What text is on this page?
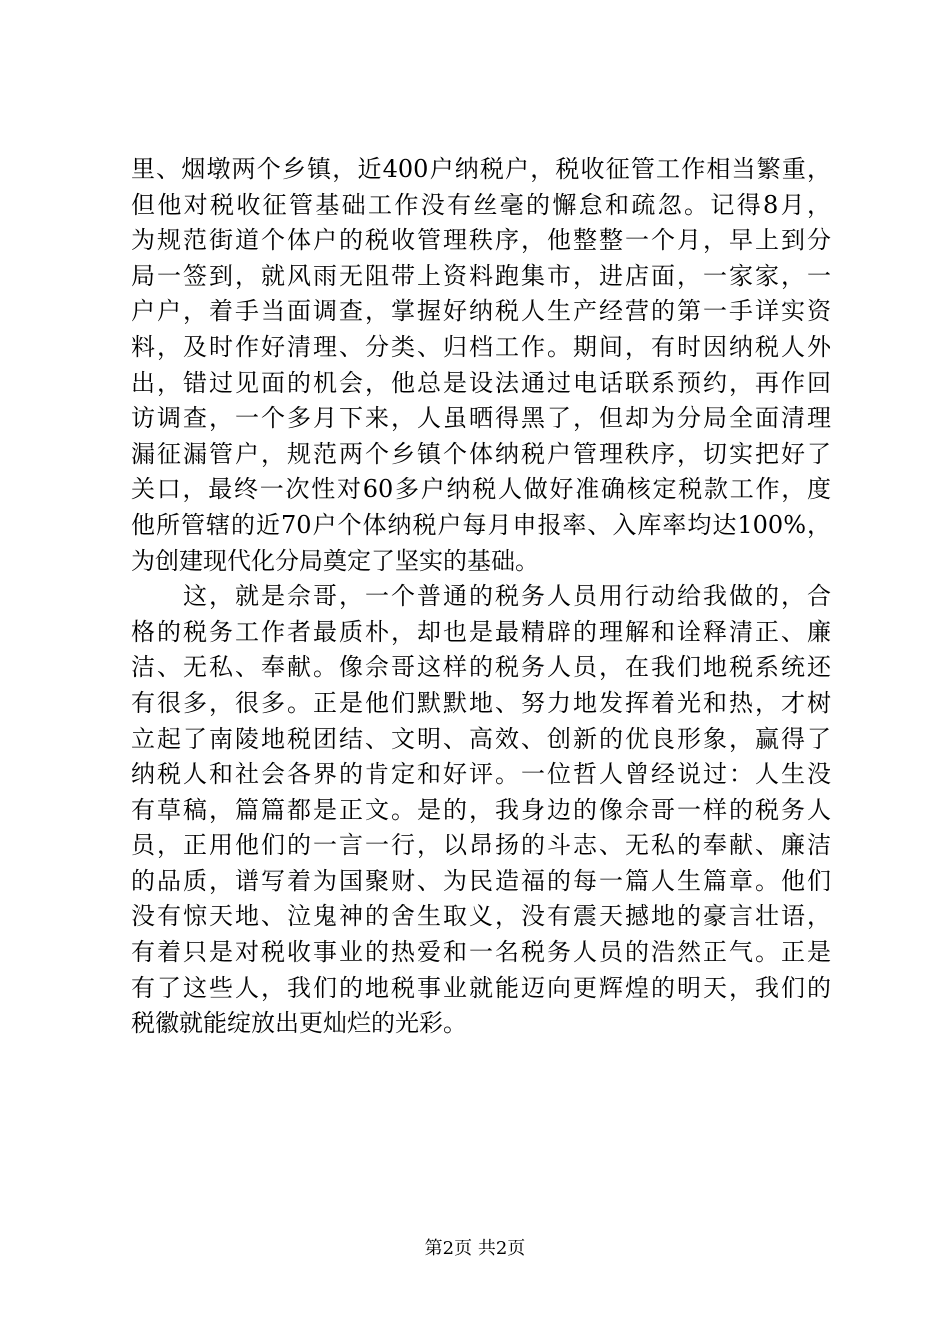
里、烟墩两个乡镇，近400户纳税户，税收征管工作相当繁重，
但他对税收征管基础工作没有丝毫的懈怠和疏忽。记得8月，
为规范街道个体户的税收管理秩序，他整整一个月，早上到分
局一签到，就风雨无阻带上资料跑集市，进店面，一家家，一
户户，着手当面调查，掌握好纳税人生产经营的第一手详实资
料，及时作好清理、分类、归档工作。期间，有时因纳税人外
出，错过见面的机会，他总是设法通过电话联系预约，再作回
访调查，一个多月下来，人虽晒得黑了，但却为分局全面清理
漏征漏管户，规范两个乡镇个体纳税户管理秩序，切实把好了
关口，最终一次性对60多户纳税人做好准确核定税款工作，度
他所管辖的近70户个体纳税户每月申报率、入库率均达100%，
为创建现代化分局奠定了坚实的基础。
　　这，就是佘哥，一个普通的税务人员用行动给我做的，合
格的税务工作者最质朴，却也是最精辟的理解和诠释清正、廉
洁、无私、奉献。像佘哥这样的税务人员，在我们地税系统还
有很多，很多。正是他们默默地、努力地发挥着光和热，才树
立起了南陵地税团结、文明、高效、创新的优良形象，赢得了
纳税人和社会各界的肯定和好评。一位哲人曾经说过：人生没
有草稿，篇篇都是正文。是的，我身边的像佘哥一样的税务人
员，正用他们的一言一行，以昂扬的斗志、无私的奉献、廉洁
的品质，谱写着为国聚财、为民造福的每一篇人生篇章。他们
没有惊天地、泣鬼神的舍生取义，没有震天撼地的豪言壮语，
有着只是对税收事业的热爱和一名税务人员的浩然正气。正是
有了这些人，我们的地税事业就能迈向更辉煌的明天，我们的
税徽就能绽放出更灿烂的光彩。
第2页 共2页
